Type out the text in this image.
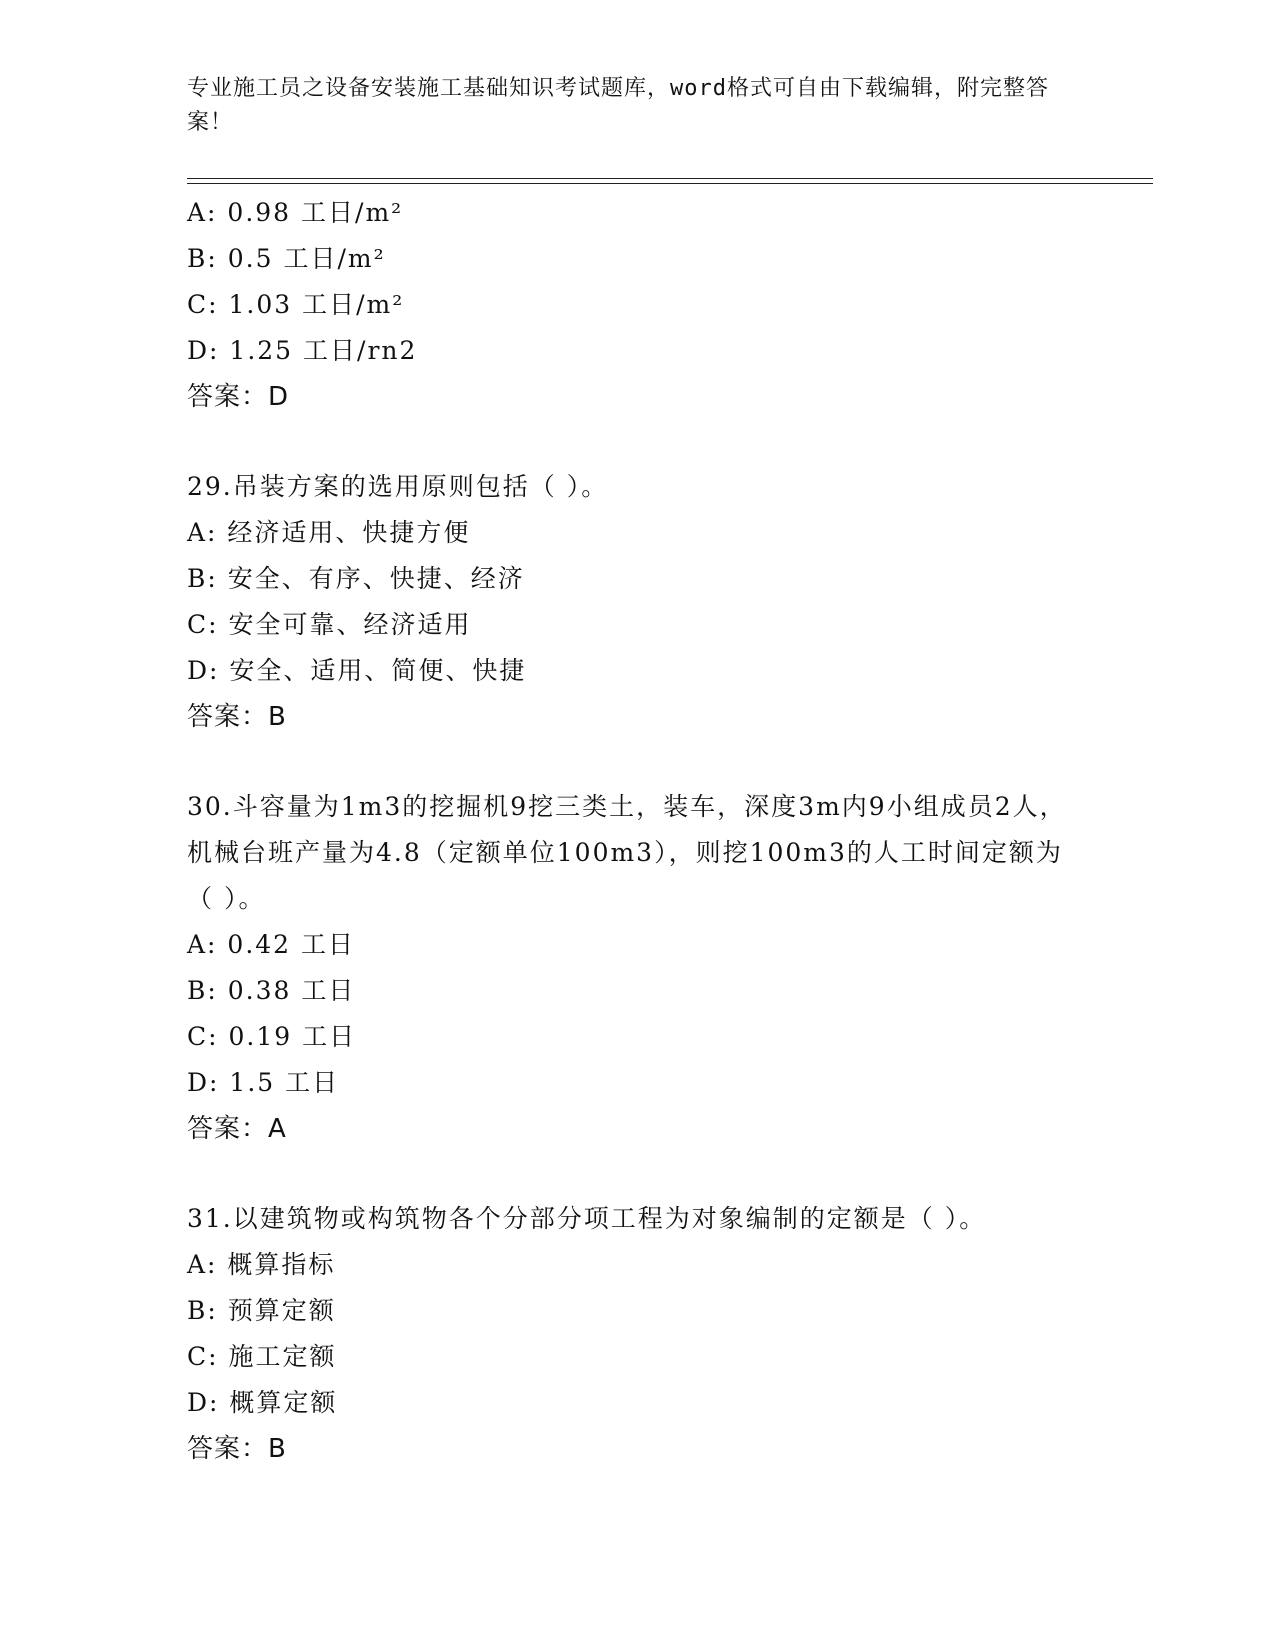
专业施工员之设备安装施工基础知识考试题库，word格式可自由下载编辑，附完整答案！
A: 0.98 工日/m²
B: 0.5 工日/m²
C: 1.03 工日/m²
D: 1.25 工日/rn2
答案：D
29.吊装方案的选用原则包括（ ）。
A: 经济适用、快捷方便
B: 安全、有序、快捷、经济
C: 安全可靠、经济适用
D: 安全、适用、简便、快捷
答案：B
30.斗容量为1m3的挖掘机9挖三类土，装车，深度3m内9小组成员2人，机械台班产量为4.8（定额单位100m3），则挖100m3的人工时间定额为（ ）。
A: 0.42 工日
B: 0.38 工日
C: 0.19 工日
D: 1.5 工日
答案：A
31.以建筑物或构筑物各个分部分项工程为对象编制的定额是（ ）。
A: 概算指标
B: 预算定额
C: 施工定额
D: 概算定额
答案：B
